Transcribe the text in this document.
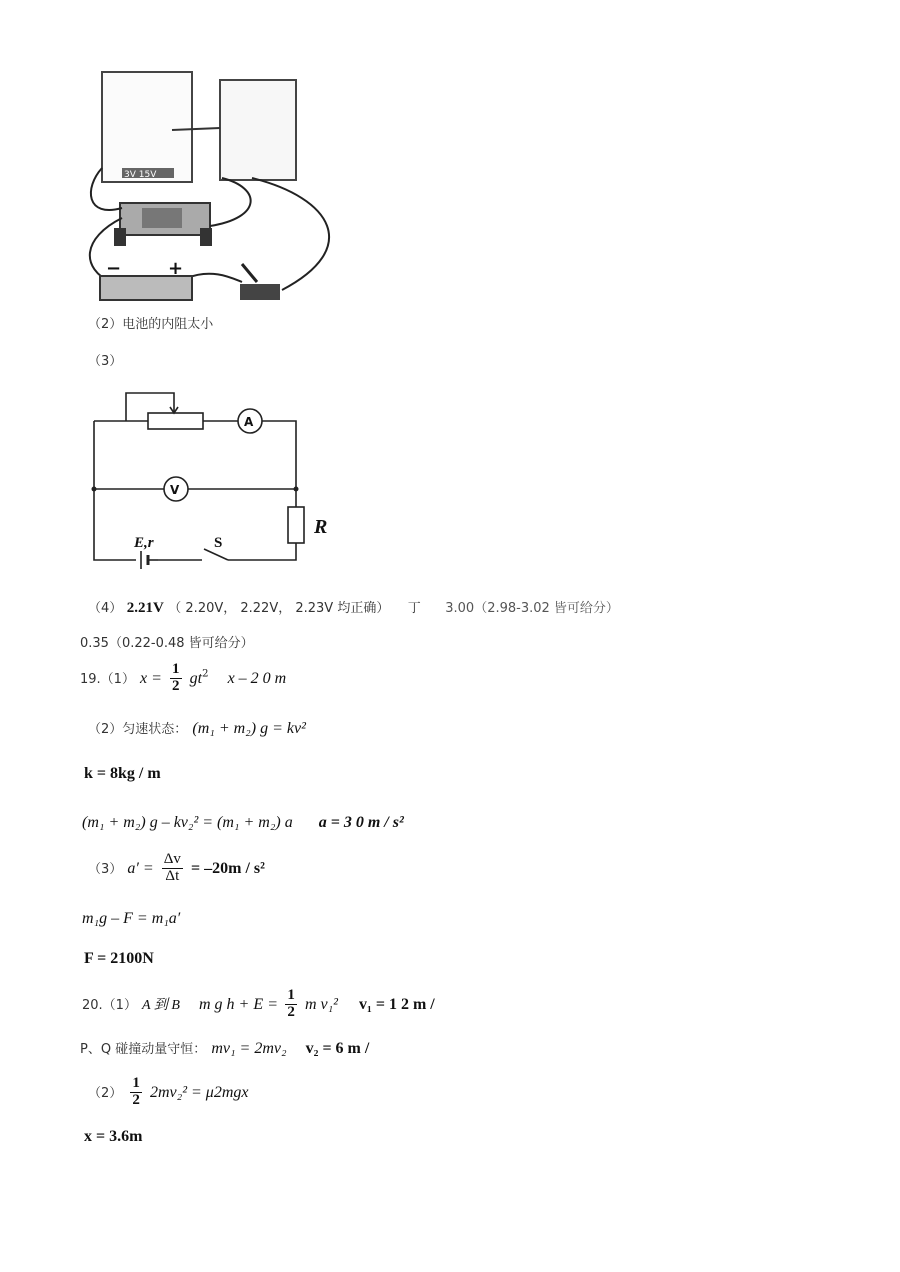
3V 15V
−	+
（2）电池的内阻太小
（3）
A
V
R
E,r	S
（4） 2.21V （ 2.20V， 2.22V， 2.23V 均正确） 丁 3.00（2.98-3.02 皆可给分）
0.35（0.22-0.48 皆可给分）
19.（1） $x = \frac{1}{2} gt^2$ x – 2 0 m
（2）匀速状态： (m₁ + m₂) g = kv²
k = 8kg / m
(m₁ + m₂) g – kv₂² = (m₁ + m₂) a a = 3 0 m / s²
（3） $a' = \frac{\Delta v}{\Delta t} = -20m / s^2$
m₁g – F = m₁a′
F = 2100N
20.（1） A 到 B m g $h + E = \frac{1}{2}$ m v₁² v₁ = 1 2 m /
P、Q 碰撞动量守恒： mv₁ = 2mv₂ v₂ = 6 m /
$(2) \frac{1}{2} 2mv_2^2 = \mu 2mgx$
x = 3.6m
